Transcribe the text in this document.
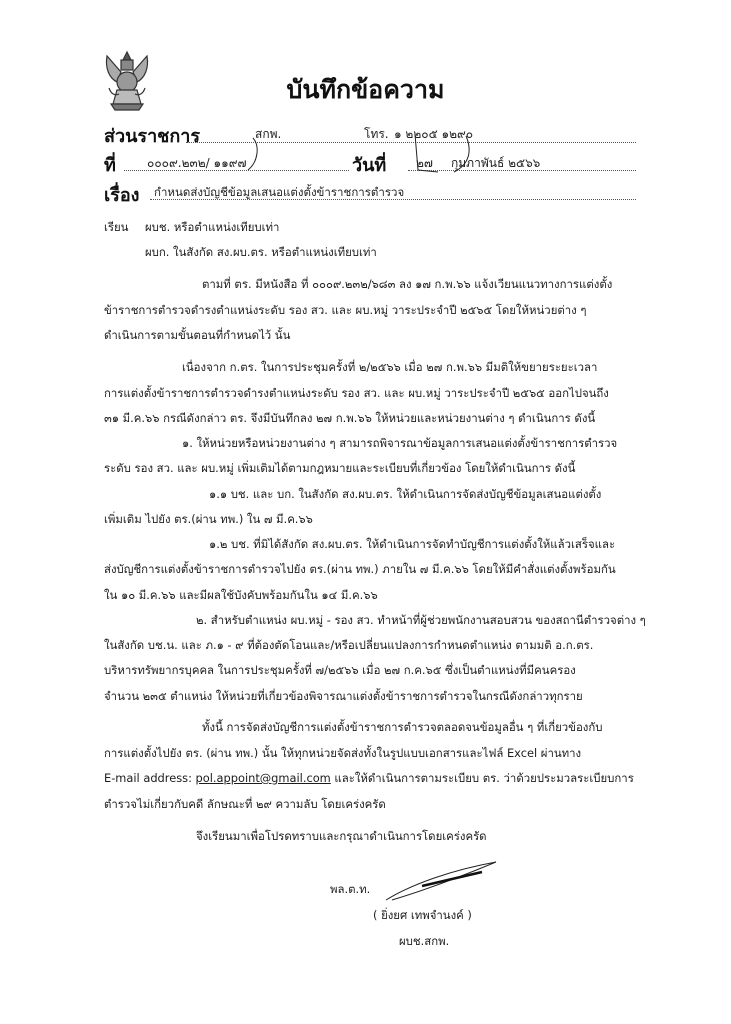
บันทึกข้อความ
ส่วนราชการ	สกพ.	โทร. ๑ ๒๒๐๕ ๑๒๙๐
ที่	๐๐๐๙.๒๓๒/ ๑๑๙๗	วันที่ ๒๗ กุมภาพันธ์ ๒๕๖๖
เรื่อง กำหนดส่งบัญชีข้อมูลเสนอแต่งตั้งข้าราชการตำรวจ
เรียน ผบช. หรือตำแหน่งเทียบเท่า
ผบก. ในสังกัด สง.ผบ.ตร. หรือตำแหน่งเทียบเท่า
ตามที่ ตร. มีหนังสือ ที่ ๐๐๐๙.๒๓๒/๖๘๓ ลง ๑๗ ก.พ.๖๖ แจ้งเวียนแนวทางการแต่งตั้ง
ข้าราชการตำรวจดำรงตำแหน่งระดับ รอง สว. และ ผบ.หมู่ วาระประจำปี ๒๕๖๕ โดยให้หน่วยต่าง ๆ
ดำเนินการตามขั้นตอนที่กำหนดไว้ นั้น
เนื่องจาก ก.ตร. ในการประชุมครั้งที่ ๒/๒๕๖๖ เมื่อ ๒๗ ก.พ.๖๖ มีมติให้ขยายระยะเวลา
การแต่งตั้งข้าราชการตำรวจดำรงตำแหน่งระดับ รอง สว. และ ผบ.หมู่ วาระประจำปี ๒๕๖๕ ออกไปจนถึง
๓๑ มี.ค.๖๖ กรณีดังกล่าว ตร. จึงมีบันทึกลง ๒๗ ก.พ.๖๖ ให้หน่วยและหน่วยงานต่าง ๆ ดำเนินการ ดังนี้
๑. ให้หน่วยหรือหน่วยงานต่าง ๆ สามารถพิจารณาข้อมูลการเสนอแต่งตั้งข้าราชการตำรวจ
ระดับ รอง สว. และ ผบ.หมู่ เพิ่มเติมได้ตามกฎหมายและระเบียบที่เกี่ยวข้อง โดยให้ดำเนินการ ดังนี้
๑.๑ บช. และ บก. ในสังกัด สง.ผบ.ตร. ให้ดำเนินการจัดส่งบัญชีข้อมูลเสนอแต่งตั้ง
เพิ่มเติม ไปยัง ตร.(ผ่าน ทพ.) ใน ๗ มี.ค.๖๖
๑.๒ บช. ที่มิได้สังกัด สง.ผบ.ตร. ให้ดำเนินการจัดทำบัญชีการแต่งตั้งให้แล้วเสร็จและ
ส่งบัญชีการแต่งตั้งข้าราชการตำรวจไปยัง ตร.(ผ่าน ทพ.) ภายใน ๗ มี.ค.๖๖ โดยให้มีคำสั่งแต่งตั้งพร้อมกัน
ใน ๑๐ มี.ค.๖๖ และมีผลใช้บังคับพร้อมกันใน ๑๔ มี.ค.๖๖
๒. สำหรับตำแหน่ง ผบ.หมู่ - รอง สว. ทำหน้าที่ผู้ช่วยพนักงานสอบสวน ของสถานีตำรวจต่าง ๆ
ในสังกัด บช.น. และ ภ.๑ - ๙ ที่ต้องตัดโอนและ/หรือเปลี่ยนแปลงการกำหนดตำแหน่ง ตามมติ อ.ก.ตร.
บริหารทรัพยากรบุคคล ในการประชุมครั้งที่ ๗/๒๕๖๖ เมื่อ ๒๗ ก.ค.๖๕ ซึ่งเป็นตำแหน่งที่มีคนครอง
จำนวน ๒๓๕ ตำแหน่ง ให้หน่วยที่เกี่ยวข้องพิจารณาแต่งตั้งข้าราชการตำรวจในกรณีดังกล่าวทุกราย
ทั้งนี้ การจัดส่งบัญชีการแต่งตั้งข้าราชการตำรวจตลอดจนข้อมูลอื่น ๆ ที่เกี่ยวข้องกับ
การแต่งตั้งไปยัง ตร. (ผ่าน ทพ.) นั้น ให้ทุกหน่วยจัดส่งทั้งในรูปแบบเอกสารและไฟล์ Excel ผ่านทาง
E-mail address: pol.appoint@gmail.com และให้ดำเนินการตามระเบียบ ตร. ว่าด้วยประมวลระเบียบการ
ตำรวจไม่เกี่ยวกับคดี ลักษณะที่ ๒๙ ความลับ โดยเคร่งครัด
จึงเรียนมาเพื่อโปรดทราบและกรุณาดำเนินการโดยเคร่งครัด
พล.ต.ท.
( ยิ่งยศ เทพจำนงค์ )
ผบช.สกพ.
